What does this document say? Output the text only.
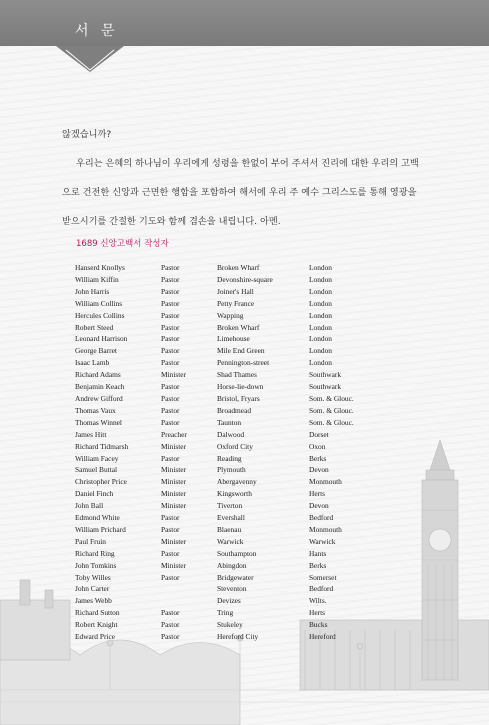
서 문

않겠습니까?

우리는 은혜의 하나님이 우리에게 성령을 한없이 부어 주셔서 진리에 대한 우리의 고백으로 건전한 신앙과 근면한 행함을 포함하여 해서에 우리 주 예수 그리스도를 통해 영광을 받으시기를 간절한 기도와 함께 겸손을 내립니다. 아멘.

1689 신앙고백서 작성자
Hanserd Knollys	Pastor	Broken Wharf	London
William Kiffin	Pastor	Devonshire-square	London
John Harris	Pastor	Joiner's Hall	London
William Collins	Pastor	Petty France	London
Hercules Collins	Pastor	Wapping	London
Robert Steed	Pastor	Broken Wharf	London
Leonard Harrison	Pastor	Limehouse	London
George Barret	Pastor	Mile End Green	London
Isaac Lamb	Pastor	Pennington-street	London
Richard Adams	Minister	Shad Thames	Southwark
Benjamin Keach	Pastor	Horse-lie-down	Southwark
Andrew Gifford	Pastor	Bristol, Fryars	Som. & Glouc.
Thomas Vaux	Pastor	Broadmead	Som. & Glouc.
Thomas Winnel	Pastor	Taunton	Som. & Glouc.
James Hitt	Preacher	Dalwood	Dorset
Richard Tidmarsh	Minister	Oxford City	Oxon
William Facey	Pastor	Reading	Berks
Samuel Buttal	Minister	Plymouth	Devon
Christopher Price	Minister	Abergavenny	Monmouth
Daniel Finch	Minister	Kingsworth	Herts
John Ball	Minister	Tiverton	Devon
Edmond White	Pastor	Evershall	Bedford
William Prichard	Pastor	Blaenau	Monmouth
Paul Fruin	Minister	Warwick	Warwick
Richard Ring	Pastor	Southampton	Hants
John Tomkins	Minister	Abingdon	Berks
Toby Willes	Pastor	Bridgewater	Somerset
John Carter		Steventon	Bedford
James Webb		Devizes	Wilts.
Richard Sutton	Pastor	Tring	Herts
Robert Knight	Pastor	Stukeley	Bucks
Edward Price	Pastor	Hereford City	Hereford
